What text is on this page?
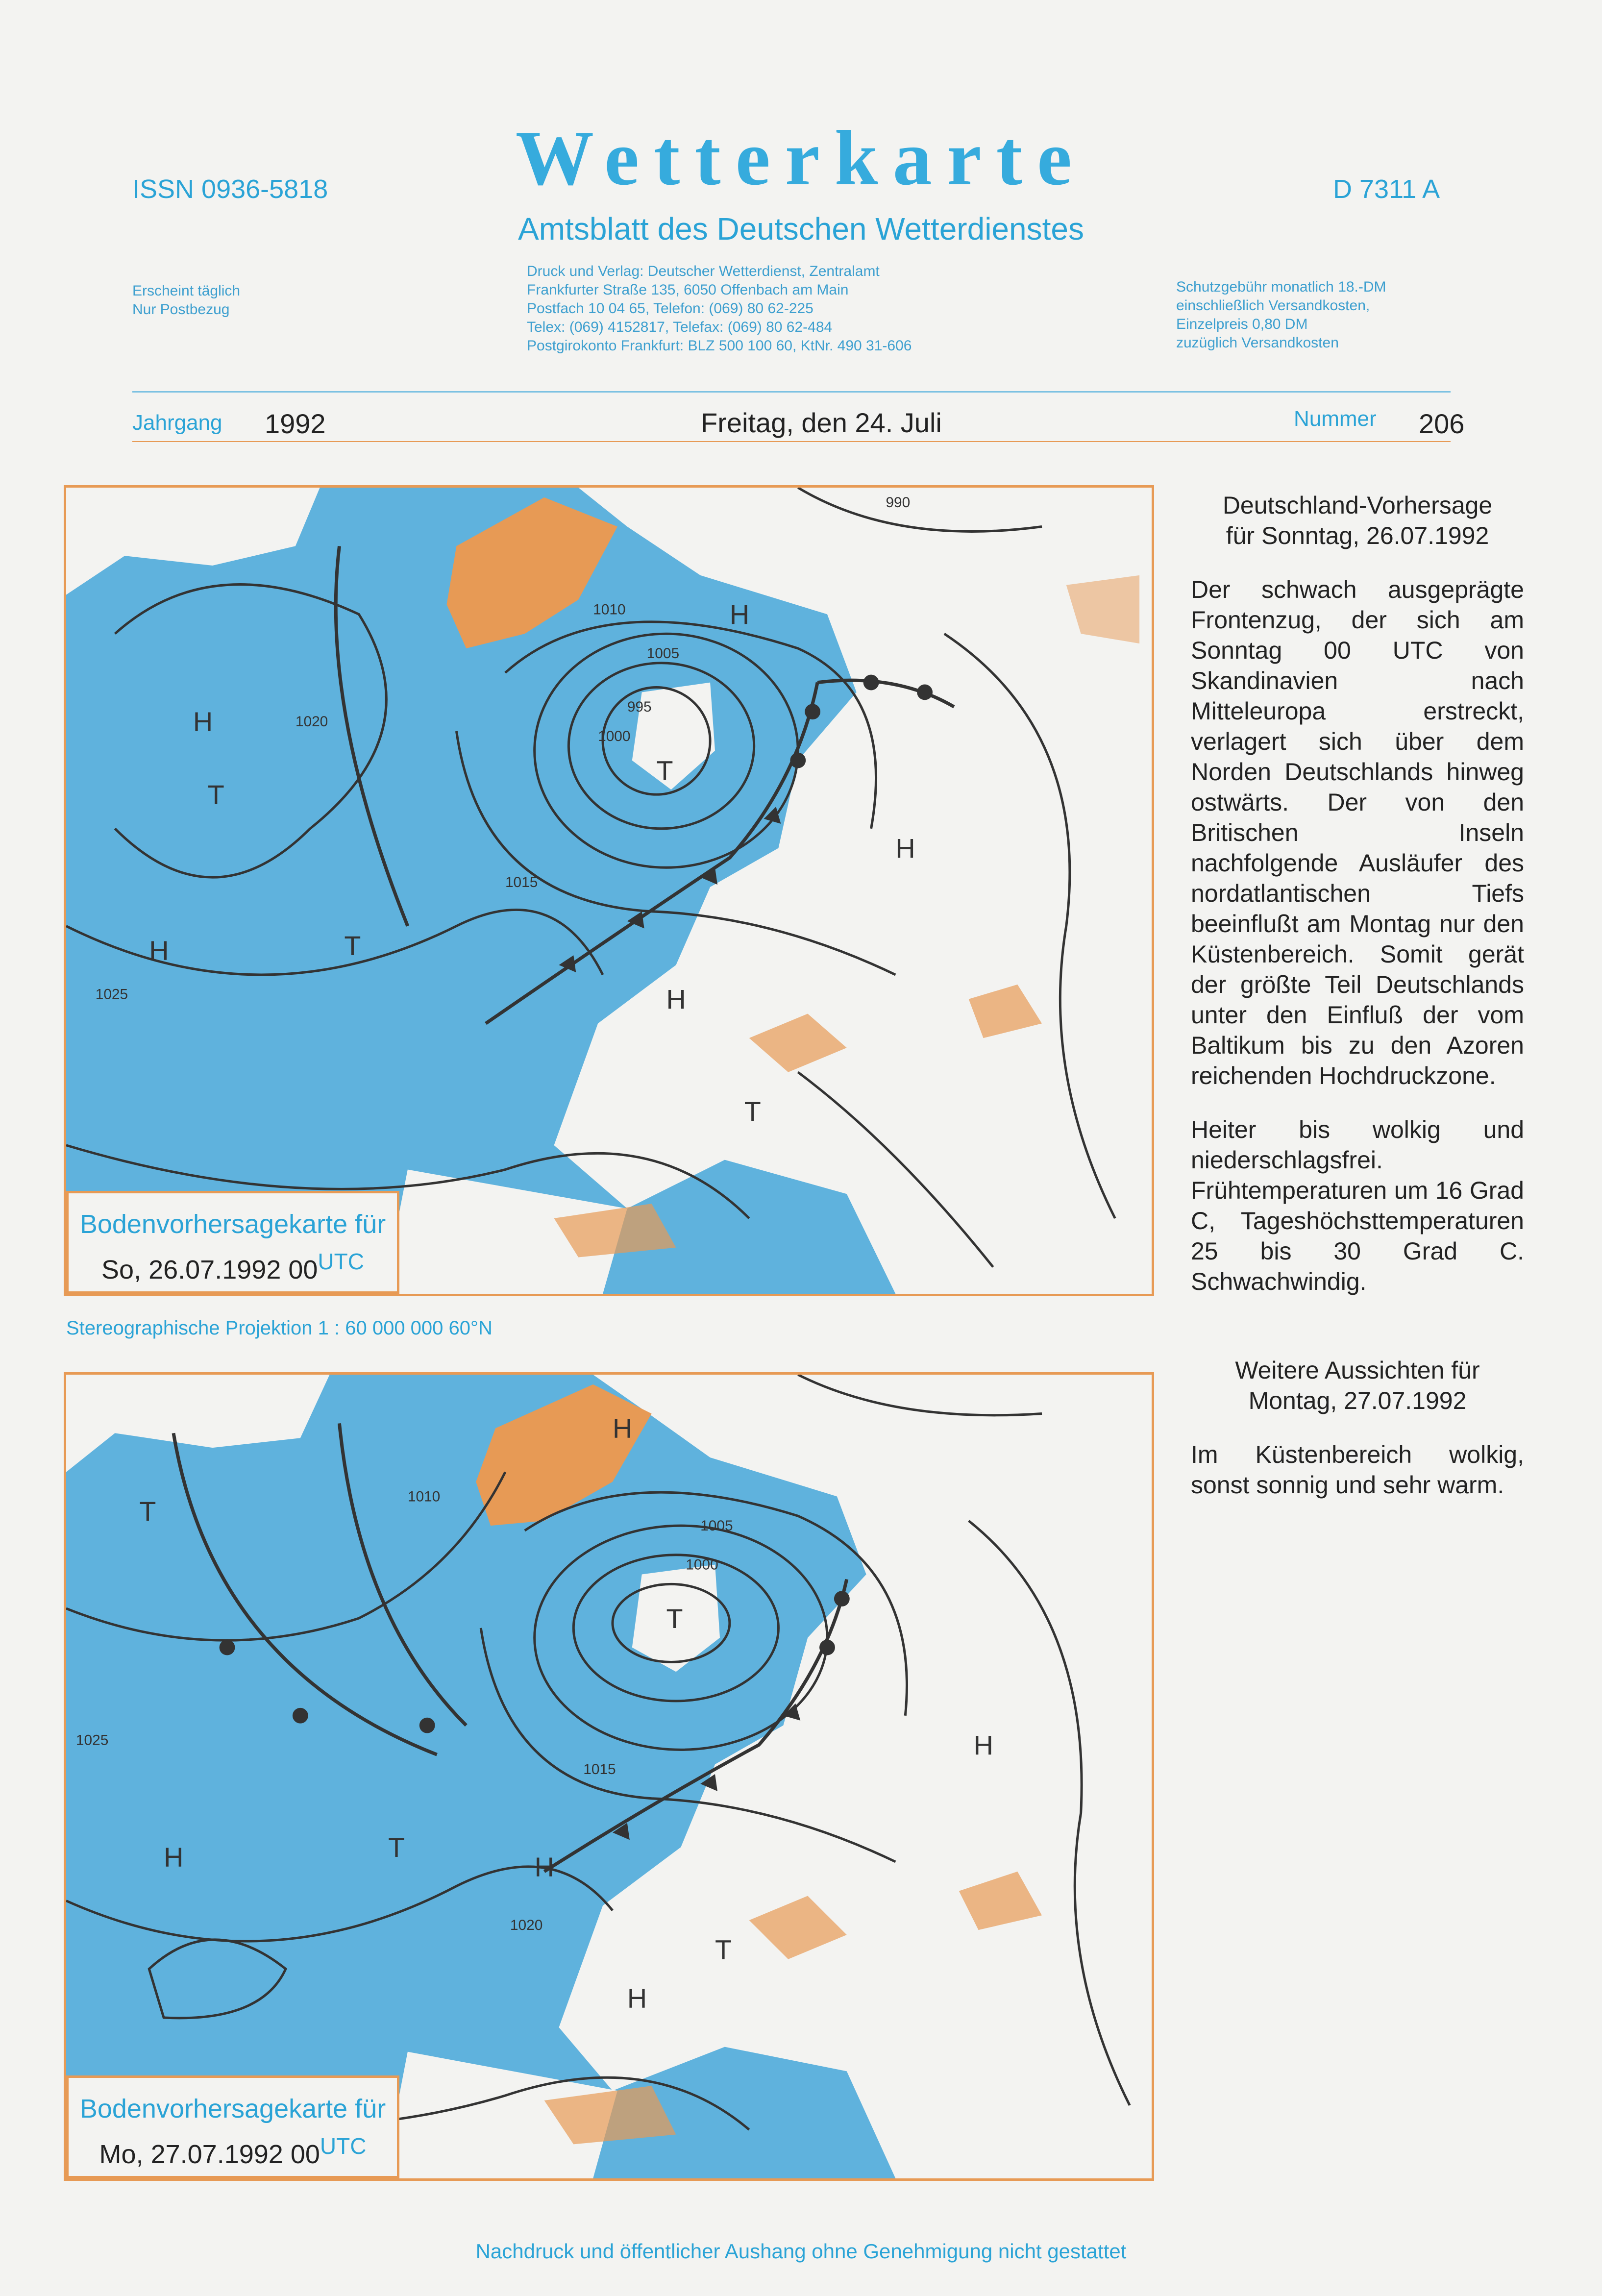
Wetterkarte
Amtsblatt des Deutschen Wetterdienstes
ISSN 0936-5818	D 7311 A
Erscheint täglich
Nur Postbezug
Druck und Verlag: Deutscher Wetterdienst, Zentralamt
Frankfurter Straße 135, 6050 Offenbach am Main
Postfach 10 04 65, Telefon: (069) 80 62-225
Telex: (069) 4152817, Telefax: (069) 80 62-484
Postgirokonto Frankfurt: BLZ 500 100 60, KtNr. 490 31-606
Schutzgebühr monatlich 18.-DM
einschließlich Versandkosten,
Einzelpreis 0,80 DM
zuzüglich Versandkosten
Jahrgang 1992	Freitag, den 24. Juli	Nummer 206
1010
1005
1000
995
1015
1020
1025
990
H
H
H
H
H
T
T
T
T
Bodenvorhersagekarte für
So, 26.07.1992 00UTC
Stereographische Projektion 1 : 60 000 000 60°N
1010
1005
1000
1015
1020
1025
H
H	H
H
H
T
T
T
T
Bodenvorhersagekarte für
Mo, 27.07.1992 00UTC
Deutschland-Vorhersage
für Sonntag, 26.07.1992
Der schwach ausgeprägte Frontenzug, der sich am Sonntag 00 UTC von Skandinavien nach Mitteleuropa erstreckt, verlagert sich über dem Norden Deutschlands hinweg ostwärts. Der von den Britischen Inseln nachfolgende Ausläufer des nordatlantischen Tiefs beeinflußt am Montag nur den Küstenbereich. Somit gerät der größte Teil Deutschlands unter den Einfluß der vom Baltikum bis zu den Azoren reichenden Hochdruckzone.
Heiter bis wolkig und niederschlagsfrei. Frühtemperaturen um 16 Grad C, Tageshöchsttemperaturen 25 bis 30 Grad C. Schwachwindig.
Weitere Aussichten für
Montag, 27.07.1992
Im Küstenbereich wolkig, sonst sonnig und sehr warm.
Nachdruck und öffentlicher Aushang ohne Genehmigung nicht gestattet
